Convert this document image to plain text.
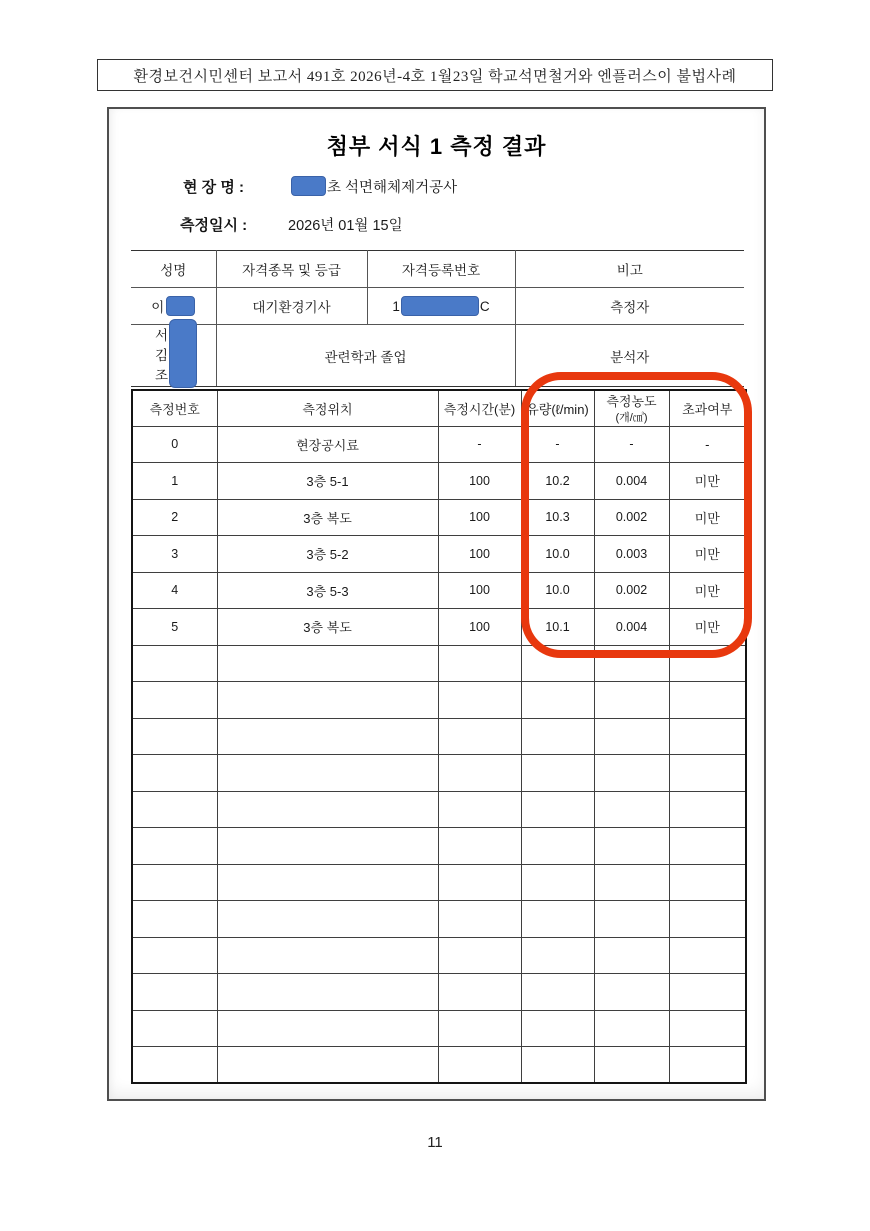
환경보건시민센터 보고서 491호 2026년-4호 1월23일 학교석면철거와 엔플러스이 불법사례
첨부 서식 1 측정 결과
현 장 명 :	초 석면해체제거공사
측정일시 :	2026년 01월 15일
성명	자격종목 및 등급	자격등록번호	비고

이	대기환경기사	1 C	측정자

서
김
조	관련학과 졸업		분석자
측정번호	측정위치	측정시간(분)	유량(ℓ/min)	측정농도
(개/㎤)	초과여부
0	현장공시료	-	-	-	-
1	3층 5-1	100	10.2	0.004	미만
2	3층 복도	100	10.3	0.002	미만
3	3층 5-2	100	10.0	0.003	미만
4	3층 5-3	100	10.0	0.002	미만
5	3층 복도	100	10.1	0.004	미만

11
